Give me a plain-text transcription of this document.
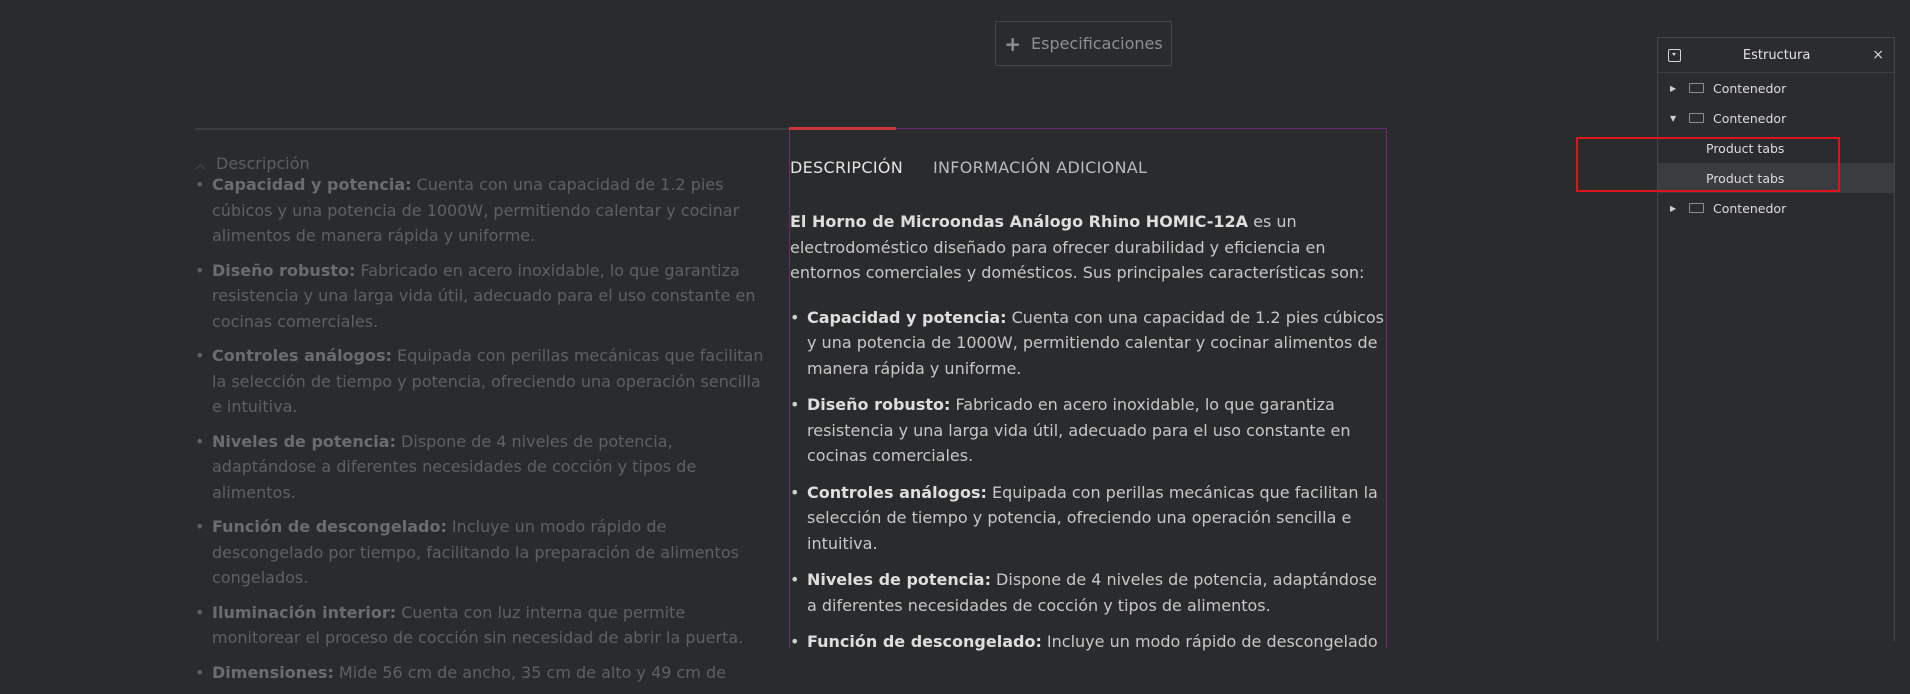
+ Especificaciones
︿ Descripción
• Capacidad y potencia: Cuenta con una capacidad de 1.2 pies cúbicos y una potencia de 1000W, permitiendo calentar y cocinar alimentos de manera rápida y uniforme.
• Diseño robusto: Fabricado en acero inoxidable, lo que garantiza resistencia y una larga vida útil, adecuado para el uso constante en cocinas comerciales.
• Controles análogos: Equipada con perillas mecánicas que facilitan la selección de tiempo y potencia, ofreciendo una operación sencilla e intuitiva.
• Niveles de potencia: Dispone de 4 niveles de potencia, adaptándose a diferentes necesidades de cocción y tipos de alimentos.
• Función de descongelado: Incluye un modo rápido de descongelado por tiempo, facilitando la preparación de alimentos congelados.
• Iluminación interior: Cuenta con luz interna que permite monitorear el proceso de cocción sin necesidad de abrir la puerta.
• Dimensiones: Mide 56 cm de ancho, 35 cm de alto y 49 cm de
DESCRIPCIÓN INFORMACIÓN ADICIONAL

El Horno de Microondas Análogo Rhino HOMIC-12A es un electrodoméstico diseñado para ofrecer durabilidad y eficiencia en entornos comerciales y domésticos. Sus principales características son:

• Capacidad y potencia: Cuenta con una capacidad de 1.2 pies cúbicos y una potencia de 1000W, permitiendo calentar y cocinar alimentos de manera rápida y uniforme.
• Diseño robusto: Fabricado en acero inoxidable, lo que garantiza resistencia y una larga vida útil, adecuado para el uso constante en cocinas comerciales.
• Controles análogos: Equipada con perillas mecánicas que facilitan la selección de tiempo y potencia, ofreciendo una operación sencilla e intuitiva.
• Niveles de potencia: Dispone de 4 niveles de potencia, adaptándose a diferentes necesidades de cocción y tipos de alimentos.
• Función de descongelado: Incluye un modo rápido de descongelado
Estructura	×
▶	Contenedor
▼	Contenedor
Product tabs
Product tabs
▶	Contenedor
